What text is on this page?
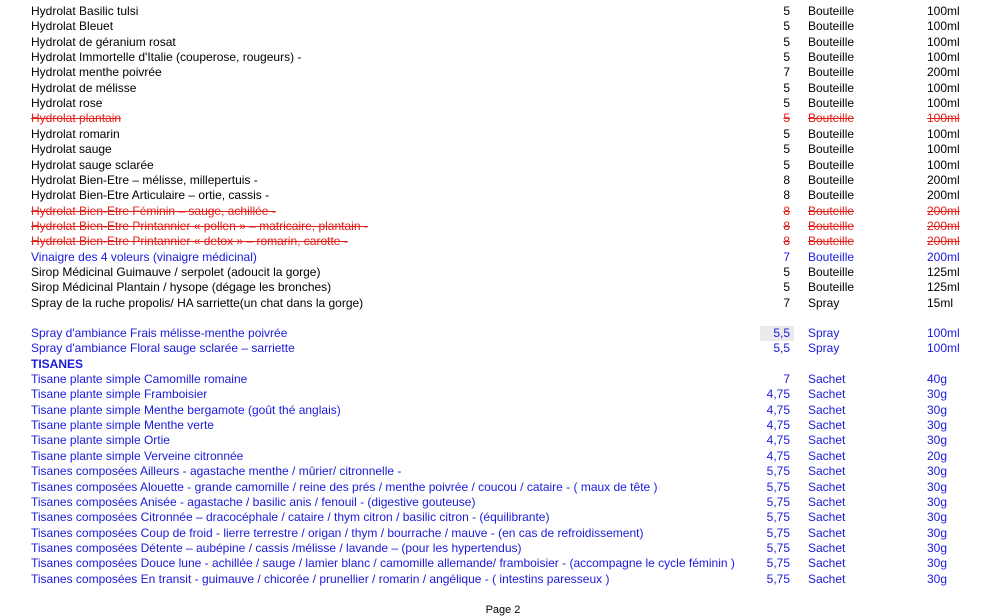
Hydrolat Basilic tulsi	5 Bouteille	100ml
Hydrolat Bleuet	5 Bouteille	100ml
Hydrolat de géranium rosat	5 Bouteille	100ml
Hydrolat Immortelle d'Italie (couperose, rougeurs) -	5 Bouteille	100ml
Hydrolat menthe poivrée	7 Bouteille	200ml
Hydrolat de mélisse	5 Bouteille	100ml
Hydrolat rose	5 Bouteille	100ml
Hydrolat plantain	5 Bouteille	100ml
Hydrolat romarin	5 Bouteille	100ml
Hydrolat sauge	5 Bouteille	100ml
Hydrolat sauge sclarée	5 Bouteille	100ml
Hydrolat Bien-Etre – mélisse, millepertuis -	8 Bouteille	200ml
Hydrolat Bien-Etre Articulaire – ortie, cassis -	8 Bouteille	200ml
Hydrolat Bien-Etre Féminin – sauge, achillée -	8 Bouteille	200ml
Hydrolat Bien-Etre Printannier « pollen » – matricaire, plantain -	8 Bouteille	200ml
Hydrolat Bien-Etre Printannier « detox » – romarin, carotte -	8 Bouteille	200ml
Vinaigre des 4 voleurs (vinaigre médicinal)	7 Bouteille	200ml
Sirop Médicinal Guimauve / serpolet (adoucit la gorge)	5 Bouteille	125ml
Sirop Médicinal Plantain / hysope (dégage les bronches)	5 Bouteille	125ml
Spray de la ruche propolis/ HA sarriette(un chat dans la gorge)	7 Spray	15ml
Spray d'ambiance Frais mélisse-menthe poivrée	5,5 Spray	100ml
Spray d'ambiance Floral sauge sclarée – sarriette	5,5 Spray	100ml
TISANES
Tisane plante simple Camomille romaine	7 Sachet	40g
Tisane plante simple Framboisier	4,75 Sachet	30g
Tisane plante simple Menthe bergamote (goût thé anglais)	4,75 Sachet	30g
Tisane plante simple Menthe verte	4,75 Sachet	30g
Tisane plante simple Ortie	4,75 Sachet	30g
Tisane plante simple Verveine citronnée	4,75 Sachet	20g
Tisanes composées Ailleurs - agastache menthe / mûrier/ citronnelle -	5,75 Sachet	30g
Tisanes composées Alouette - grande camomille / reine des prés / menthe poivrée / coucou / cataire - ( maux de tête )	5,75 Sachet	30g
Tisanes composées Anisée - agastache / basilic anis / fenouil - (digestive gouteuse)	5,75 Sachet	30g
Tisanes composées Citronnée – dracocéphale / cataire / thym citron / basilic citron - (équilibrante)	5,75 Sachet	30g
Tisanes composées Coup de froid - lierre terrestre / origan / thym / bourrache / mauve - (en cas de refroidissement)	5,75 Sachet	30g
Tisanes composées Détente – aubépine / cassis /mélisse / lavande – (pour les hypertendus)	5,75 Sachet	30g
Tisanes composées Douce lune - achillée / sauge / lamier blanc / camomille allemande/ framboisier - (accompagne le cycle féminin )	5,75 Sachet	30g
Tisanes composées En transit - guimauve / chicorée / prunellier / romarin / angélique - ( intestins paresseux )	5,75 Sachet	30g
Page 2
